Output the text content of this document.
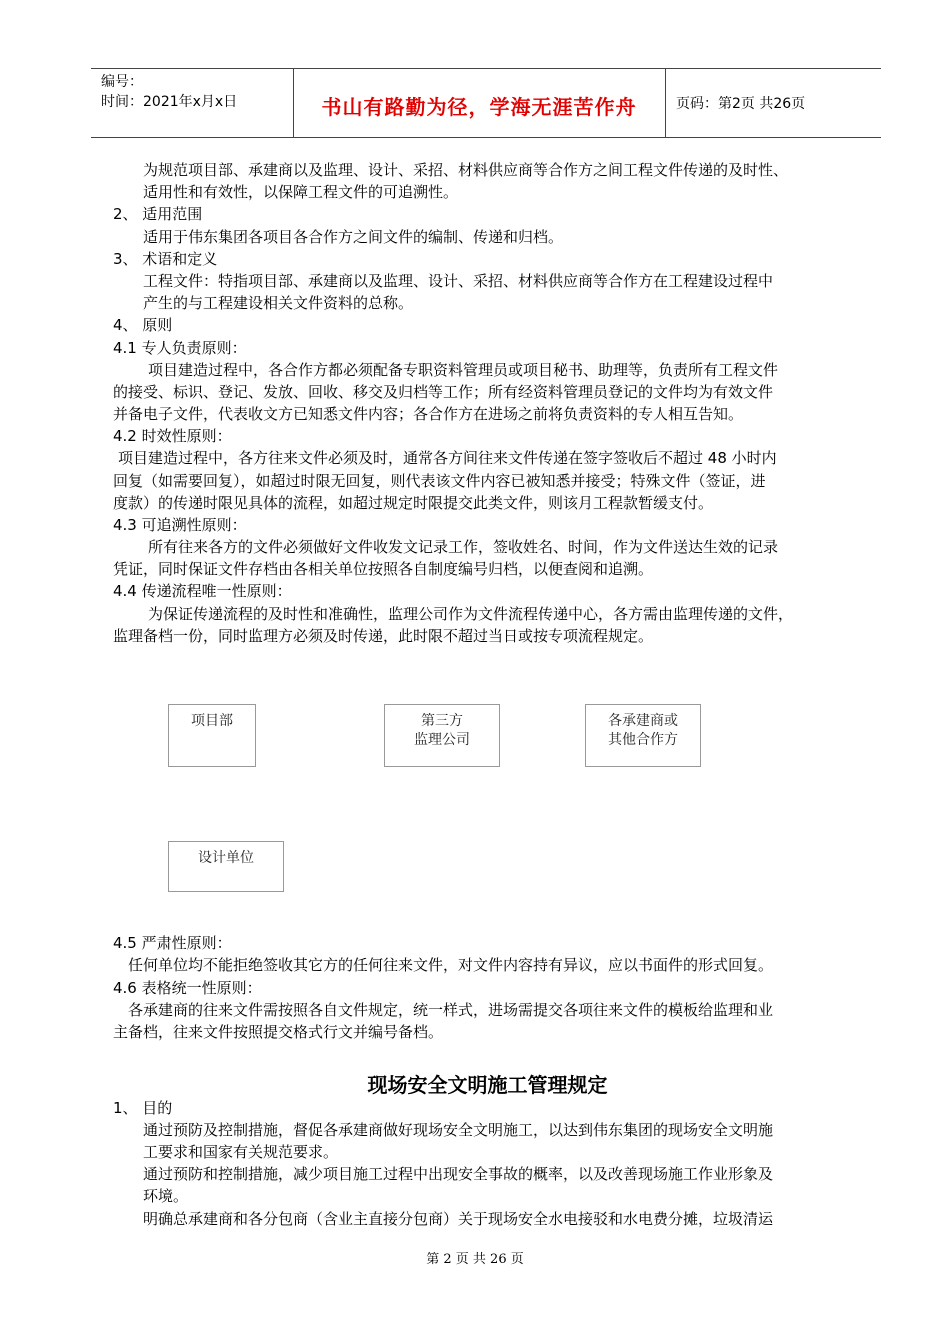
编号：
时间：2021年x月x日	书山有路勤为径，学海无涯苦作舟	页码：第2页 共26页
为规范项目部、承建商以及监理、设计、采招、材料供应商等合作方之间工程文件传递的及时性、
适用性和有效性，以保障工程文件的可追溯性。
2、 适用范围
适用于伟东集团各项目各合作方之间文件的编制、传递和归档。
3、 术语和定义
工程文件：特指项目部、承建商以及监理、设计、采招、材料供应商等合作方在工程建设过程中
产生的与工程建设相关文件资料的总称。
4、 原则
4.1 专人负责原则：
项目建造过程中，各合作方都必须配备专职资料管理员或项目秘书、助理等，负责所有工程文件
的接受、标识、登记、发放、回收、移交及归档等工作；所有经资料管理员登记的文件均为有效文件
并备电子文件，代表收文方已知悉文件内容；各合作方在进场之前将负责资料的专人相互告知。
4.2 时效性原则：
项目建造过程中，各方往来文件必须及时，通常各方间往来文件传递在签字签收后不超过 48 小时内
回复（如需要回复），如超过时限无回复，则代表该文件内容已被知悉并接受；特殊文件（签证，进
度款）的传递时限见具体的流程，如超过规定时限提交此类文件，则该月工程款暂缓支付。
4.3 可追溯性原则：
所有往来各方的文件必须做好文件收发文记录工作，签收姓名、时间，作为文件送达生效的记录
凭证，同时保证文件存档由各相关单位按照各自制度编号归档，以便查阅和追溯。
4.4 传递流程唯一性原则：
为保证传递流程的及时性和准确性，监理公司作为文件流程传递中心，各方需由监理传递的文件，
监理备档一份，同时监理方必须及时传递，此时限不超过当日或按专项流程规定。
项目部	第三方
监理公司
各承建商或
其他合作方
设计单位
4.5 严肃性原则：
任何单位均不能拒绝签收其它方的任何往来文件，对文件内容持有异议，应以书面件的形式回复。
4.6 表格统一性原则：
各承建商的往来文件需按照各自文件规定，统一样式，进场需提交各项往来文件的模板给监理和业
主备档，往来文件按照提交格式行文并编号备档。
现场安全文明施工管理规定
1、 目的
通过预防及控制措施，督促各承建商做好现场安全文明施工，以达到伟东集团的现场安全文明施
工要求和国家有关规范要求。
通过预防和控制措施，减少项目施工过程中出现安全事故的概率，以及改善现场施工作业形象及
环境。
明确总承建商和各分包商（含业主直接分包商）关于现场安全水电接驳和水电费分摊，垃圾清运
第 2 页 共 26 页
